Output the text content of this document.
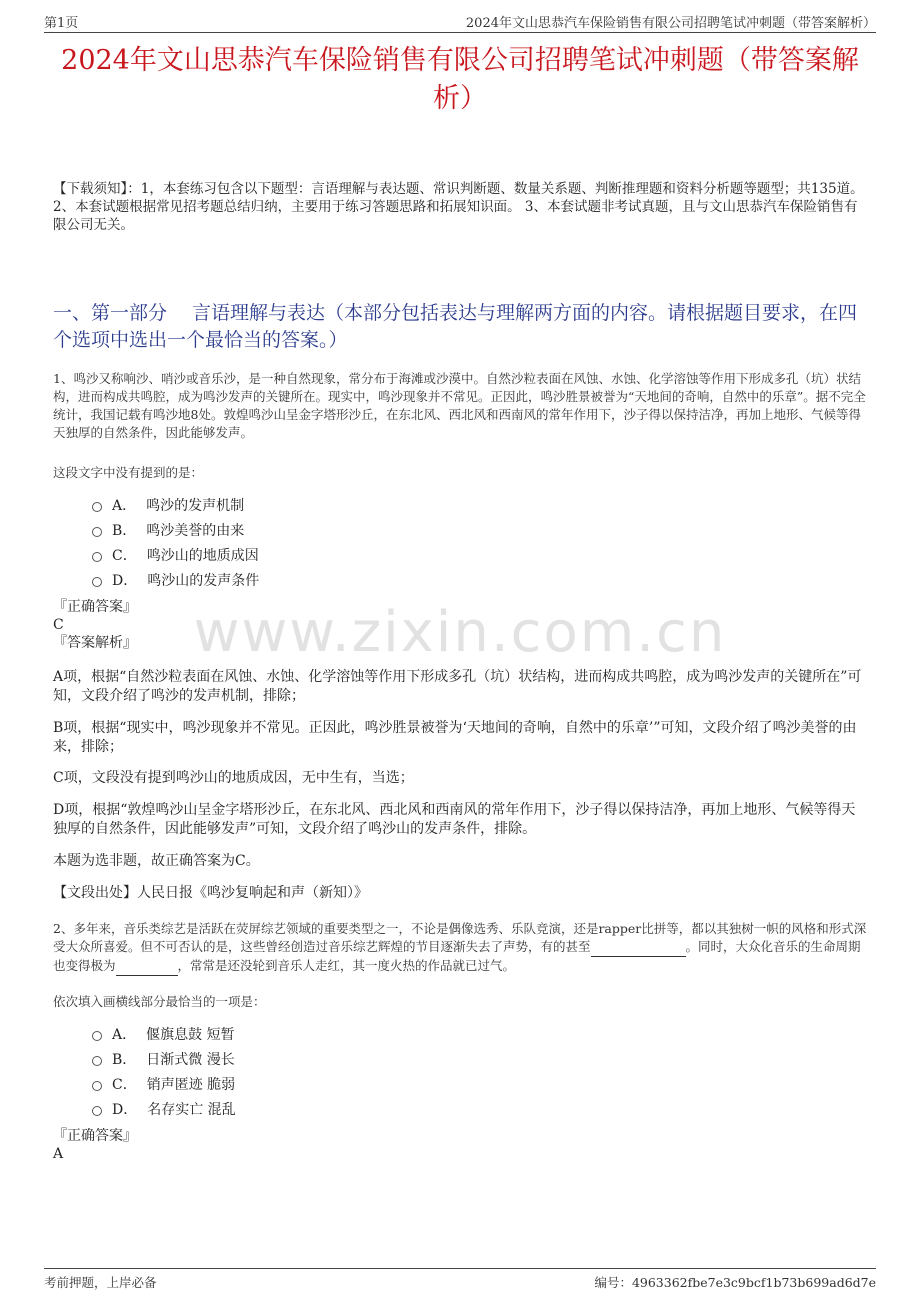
第1页	2024年文山思恭汽车保险销售有限公司招聘笔试冲刺题（带答案解析）
www.zixin.com.cn
2024年文山思恭汽车保险销售有限公司招聘笔试冲刺题（带答案解析）
【下载须知】：1，本套练习包含以下题型：言语理解与表达题、常识判断题、数量关系题、判断推理题和资料分析题等题型；共135道。 2、本套试题根据常见招考题总结归纳，主要用于练习答题思路和拓展知识面。 3、本套试题非考试真题，且与文山思恭汽车保险销售有限公司无关。
一、第一部分　 言语理解与表达（本部分包括表达与理解两方面的内容。请根据题目要求，在四个选项中选出一个最恰当的答案。）

1、鸣沙又称响沙、哨沙或音乐沙，是一种自然现象，常分布于海滩或沙漠中。自然沙粒表面在风蚀、水蚀、化学溶蚀等作用下形成多孔（坑）状结构，进而构成共鸣腔，成为鸣沙发声的关键所在。现实中，鸣沙现象并不常见。正因此，鸣沙胜景被誉为“天地间的奇响，自然中的乐章”。据不完全统计，我国记载有鸣沙地8处。敦煌鸣沙山呈金字塔形沙丘，在东北风、西北风和西南风的常年作用下，沙子得以保持洁净，再加上地形、气候等得天独厚的自然条件，因此能够发声。

这段文字中没有提到的是：
A． 鸣沙的发声机制
B． 鸣沙美誉的由来
C． 鸣沙山的地质成因
D． 鸣沙山的发声条件
『正确答案』
C
『答案解析』

A项，根据“自然沙粒表面在风蚀、水蚀、化学溶蚀等作用下形成多孔（坑）状结构，进而构成共鸣腔，成为鸣沙发声的关键所在”可知，文段介绍了鸣沙的发声机制，排除；

B项，根据“现实中，鸣沙现象并不常见。正因此，鸣沙胜景被誉为‘天地间的奇响，自然中的乐章’”可知，文段介绍了鸣沙美誉的由来，排除；

C项，文段没有提到鸣沙山的地质成因，无中生有，当选；

D项，根据“敦煌鸣沙山呈金字塔形沙丘，在东北风、西北风和西南风的常年作用下，沙子得以保持洁净，再加上地形、气候等得天独厚的自然条件，因此能够发声”可知，文段介绍了鸣沙山的发声条件，排除。

本题为选非题，故正确答案为C。

【文段出处】人民日报《鸣沙复响起和声（新知）》

2、多年来，音乐类综艺是活跃在荧屏综艺领域的重要类型之一，不论是偶像选秀、乐队竞演，还是rapper比拼等，都以其独树一帜的风格和形式深受大众所喜爱。但不可否认的是，这些曾经创造过音乐综艺辉煌的节目逐渐失去了声势，有的甚至	。同时，大众化音乐的生命周期也变得极为	，常常是还没轮到音乐人走红，其一度火热的作品就已过气。

依次填入画横线部分最恰当的一项是：
A． 偃旗息鼓 短暂
B． 日渐式微 漫长
C． 销声匿迹 脆弱
D． 名存实亡 混乱
『正确答案』
A
考前押题，上岸必备	编号：4963362fbe7e3c9bcf1b73b699ad6d7e
